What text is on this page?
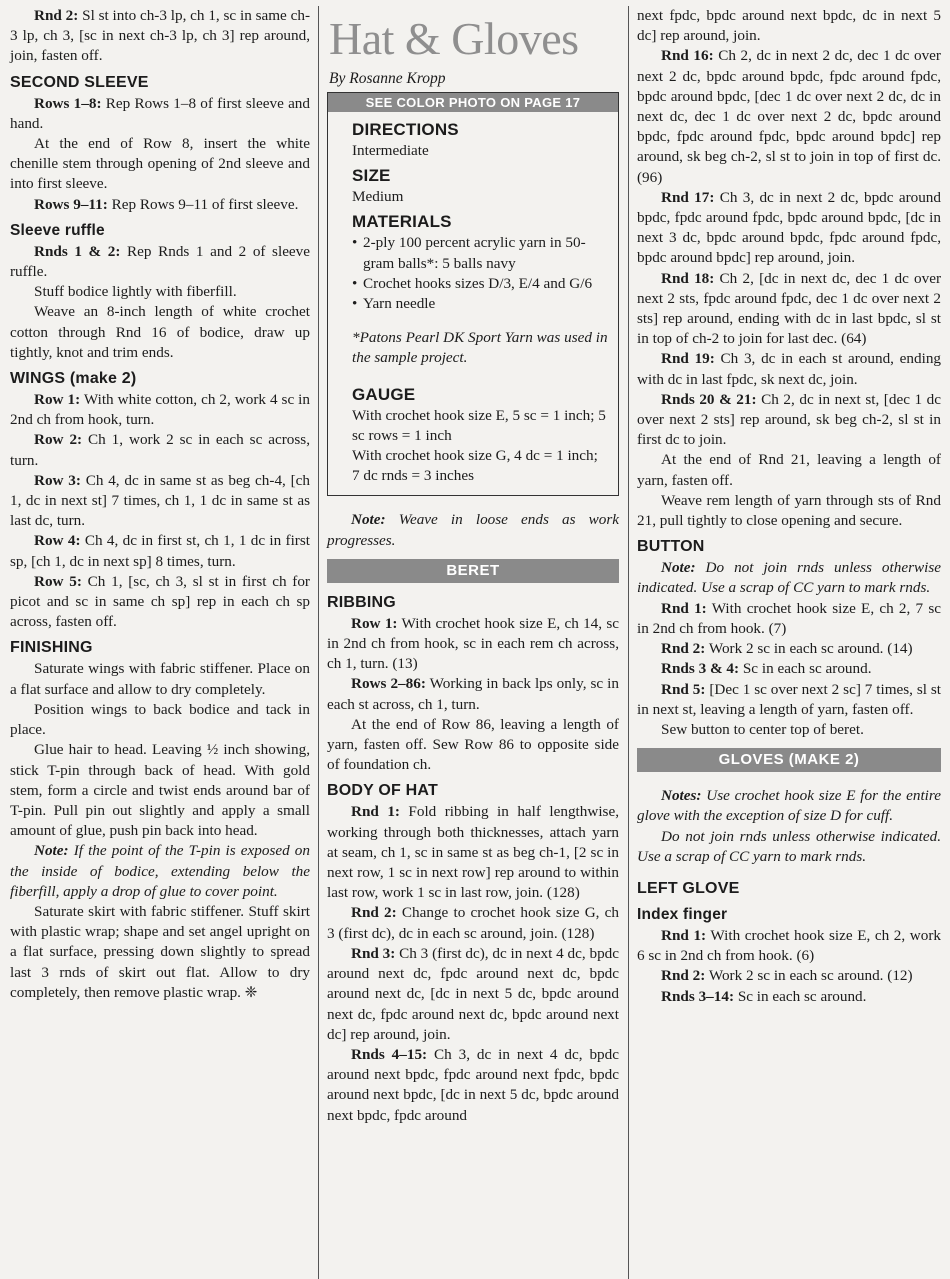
Rnd 2: Sl st into ch-3 lp, ch 1, sc in same ch-3 lp, ch 3, [sc in next ch-3 lp, ch 3] rep around, join, fasten off.

SECOND SLEEVE

Rows 1–8: Rep Rows 1–8 of first sleeve and hand.

At the end of Row 8, insert the white chenille stem through opening of 2nd sleeve and into first sleeve.

Rows 9–11: Rep Rows 9–11 of first sleeve.

Sleeve ruffle

Rnds 1 & 2: Rep Rnds 1 and 2 of sleeve ruffle.

Stuff bodice lightly with fiberfill.

Weave an 8-inch length of white crochet cotton through Rnd 16 of bodice, draw up tightly, knot and trim ends.

WINGS (make 2)

Row 1: With white cotton, ch 2, work 4 sc in 2nd ch from hook, turn.

Row 2: Ch 1, work 2 sc in each sc across, turn.

Row 3: Ch 4, dc in same st as beg ch-4, [ch 1, dc in next st] 7 times, ch 1, 1 dc in same st as last dc, turn.

Row 4: Ch 4, dc in first st, ch 1, 1 dc in first sp, [ch 1, dc in next sp] 8 times, turn.

Row 5: Ch 1, [sc, ch 3, sl st in first ch for picot and sc in same ch sp] rep in each ch sp across, fasten off.

FINISHING

Saturate wings with fabric stiffener. Place on a flat surface and allow to dry completely.

Position wings to back bodice and tack in place.

Glue hair to head. Leaving ½ inch showing, stick T-pin through back of head. With gold stem, form a circle and twist ends around bar of T-pin. Pull pin out slightly and apply a small amount of glue, push pin back into head.

Note: If the point of the T-pin is exposed on the inside of bodice, extending below the fiberfill, apply a drop of glue to cover point.

Saturate skirt with fabric stiffener. Stuff skirt with plastic wrap; shape and set angel upright on a flat surface, pressing down slightly to spread last 3 rnds of skirt out flat. Allow to dry completely, then remove plastic wrap. ❈

Hat & Gloves
By Rosanne Kropp
SEE COLOR PHOTO ON PAGE 17
DIRECTIONS

Intermediate

SIZE

Medium

MATERIALS
• 2-ply 100 percent acrylic yarn in 50-gram balls*: 5 balls navy
• Crochet hooks sizes D/3, E/4 and G/6
• Yarn needle

*Patons Pearl DK Sport Yarn was used in the sample project.

GAUGE

With crochet hook size E, 5 sc = 1 inch; 5 sc rows = 1 inch

With crochet hook size G, 4 dc = 1 inch; 7 dc rnds = 3 inches

Note: Weave in loose ends as work progresses.

BERET
RIBBING

Row 1: With crochet hook size E, ch 14, sc in 2nd ch from hook, sc in each rem ch across, ch 1, turn. (13)

Rows 2–86: Working in back lps only, sc in each st across, ch 1, turn.

At the end of Row 86, leaving a length of yarn, fasten off. Sew Row 86 to opposite side of foundation ch.

BODY OF HAT

Rnd 1: Fold ribbing in half lengthwise, working through both thicknesses, attach yarn at seam, ch 1, sc in same st as beg ch-1, [2 sc in next row, 1 sc in next row] rep around to within last row, work 1 sc in last row, join. (128)

Rnd 2: Change to crochet hook size G, ch 3 (first dc), dc in each sc around, join. (128)

Rnd 3: Ch 3 (first dc), dc in next 4 dc, bpdc around next dc, fpdc around next dc, bpdc around next dc, [dc in next 5 dc, bpdc around next dc, fpdc around next dc, bpdc around next dc] rep around, join.

Rnds 4–15: Ch 3, dc in next 4 dc, bpdc around next bpdc, fpdc around next fpdc, bpdc around next bpdc, [dc in next 5 dc, bpdc around next bpdc, fpdc around

next fpdc, bpdc around next bpdc, dc in next 5 dc] rep around, join.

Rnd 16: Ch 2, dc in next 2 dc, dec 1 dc over next 2 dc, bpdc around bpdc, fpdc around fpdc, bpdc around bpdc, [dec 1 dc over next 2 dc, dc in next dc, dec 1 dc over next 2 dc, bpdc around bpdc, fpdc around fpdc, bpdc around bpdc] rep around, sk beg ch-2, sl st to join in top of first dc. (96)

Rnd 17: Ch 3, dc in next 2 dc, bpdc around bpdc, fpdc around fpdc, bpdc around bpdc, [dc in next 3 dc, bpdc around bpdc, fpdc around fpdc, bpdc around bpdc] rep around, join.

Rnd 18: Ch 2, [dc in next dc, dec 1 dc over next 2 sts, fpdc around fpdc, dec 1 dc over next 2 sts] rep around, ending with dc in last bpdc, sl st in top of ch-2 to join for last dec. (64)

Rnd 19: Ch 3, dc in each st around, ending with dc in last fpdc, sk next dc, join.

Rnds 20 & 21: Ch 2, dc in next st, [dec 1 dc over next 2 sts] rep around, sk beg ch-2, sl st in first dc to join.

At the end of Rnd 21, leaving a length of yarn, fasten off.

Weave rem length of yarn through sts of Rnd 21, pull tightly to close opening and secure.

BUTTON

Note: Do not join rnds unless otherwise indicated. Use a scrap of CC yarn to mark rnds.

Rnd 1: With crochet hook size E, ch 2, 7 sc in 2nd ch from hook. (7)

Rnd 2: Work 2 sc in each sc around. (14)

Rnds 3 & 4: Sc in each sc around.

Rnd 5: [Dec 1 sc over next 2 sc] 7 times, sl st in next st, leaving a length of yarn, fasten off.

Sew button to center top of beret.

GLOVES (MAKE 2)

Notes: Use crochet hook size E for the entire glove with the exception of size D for cuff.

Do not join rnds unless otherwise indicated. Use a scrap of CC yarn to mark rnds.

LEFT GLOVE
Index finger

Rnd 1: With crochet hook size E, ch 2, work 6 sc in 2nd ch from hook. (6)

Rnd 2: Work 2 sc in each sc around. (12)

Rnds 3–14: Sc in each sc around.
